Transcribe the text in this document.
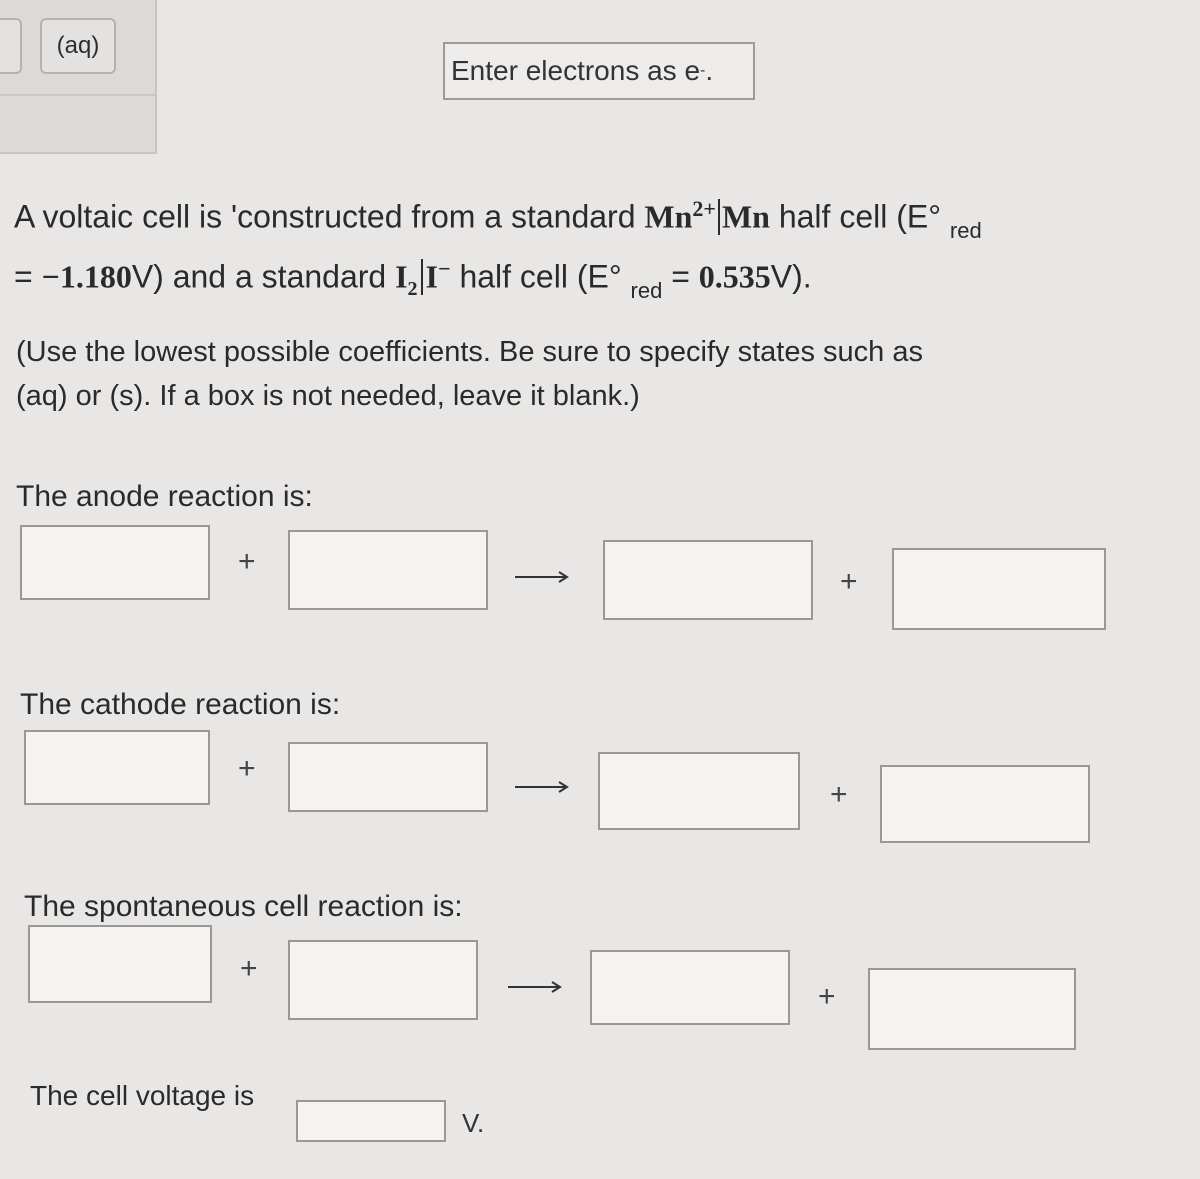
(aq)
Enter electrons as e - .
A voltaic cell is 'constructed from a standard $Mn^{2+}$ Mn half cell (E° $_{red}$
= −1.180V) and a standard $I_2$ I− half cell (E° $_{red}$ = 0.535V).
(Use the lowest possible coefficients. Be sure to specify states such as
(aq) or (s). If a box is not needed, leave it blank.)
The anode reaction is:
+
+
The cathode reaction is:
+
+
The spontaneous cell reaction is:
+
+
The cell voltage is
V.
